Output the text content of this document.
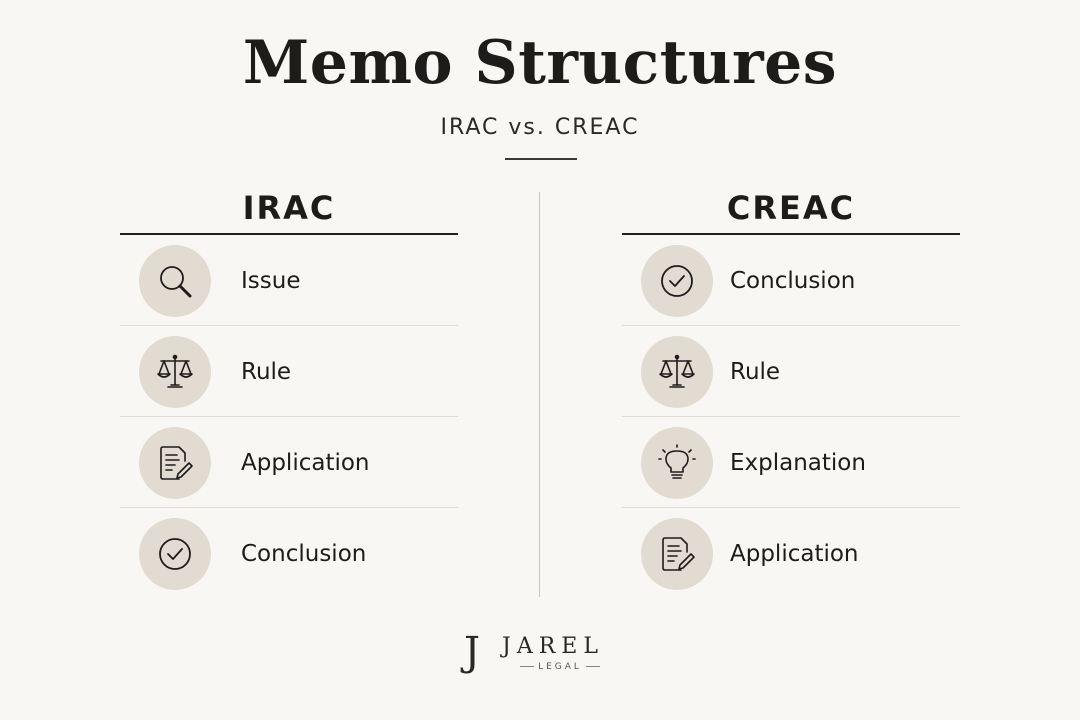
Memo Structures
IRAC vs. CREAC
IRAC
Issue
Rule
Application
Conclusion
CREAC
Conclusion
Rule
Explanation
Application
J JAREL
LEGAL
